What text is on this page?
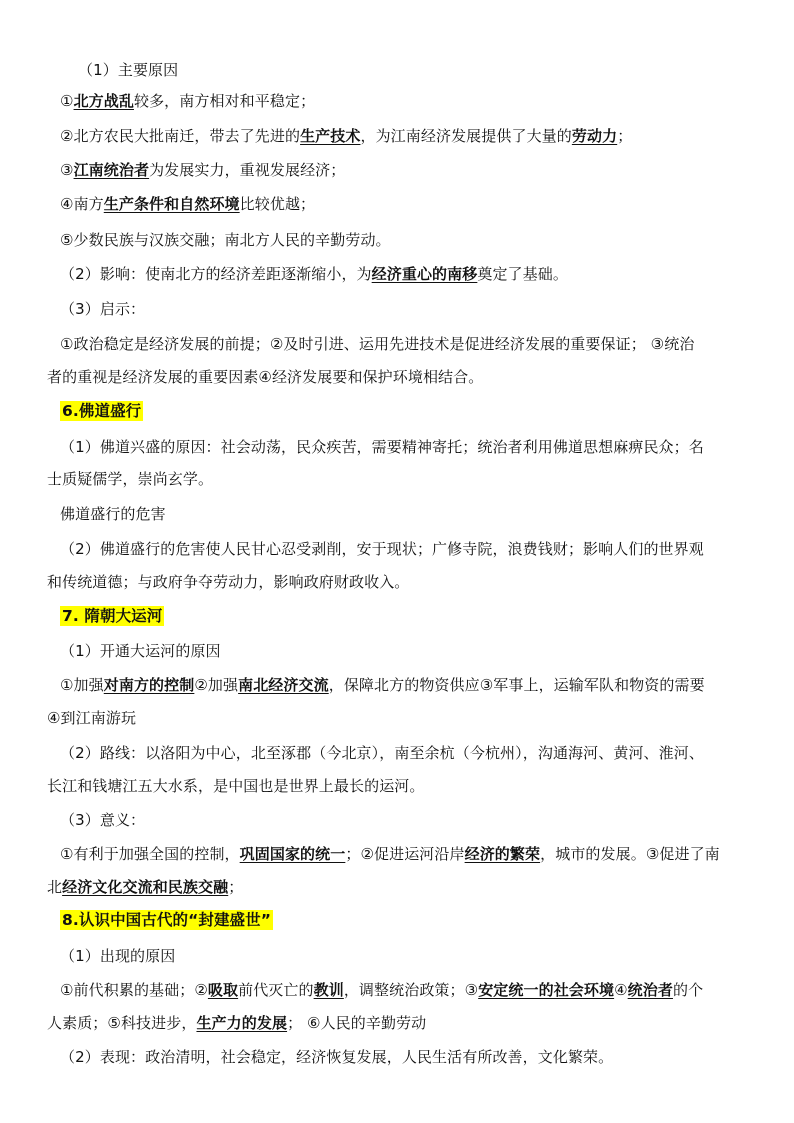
（1）主要原因
①北方战乱较多，南方相对和平稳定；
②北方农民大批南迁，带去了先进的生产技术，为江南经济发展提供了大量的劳动力；
③江南统治者为发展实力，重视发展经济；
④南方生产条件和自然环境比较优越；
⑤少数民族与汉族交融；南北方人民的辛勤劳动。
（2）影响：使南北方的经济差距逐渐缩小，为经济重心的南移奠定了基础。
（3）启示：
①政治稳定是经济发展的前提；②及时引进、运用先进技术是促进经济发展的重要保证； ③统治
者的重视是经济发展的重要因素④经济发展要和保护环境相结合。
6.佛道盛行
（1）佛道兴盛的原因：社会动荡，民众疾苦，需要精神寄托；统治者利用佛道思想麻痹民众；名
士质疑儒学，崇尚玄学。
佛道盛行的危害
（2）佛道盛行的危害使人民甘心忍受剥削，安于现状；广修寺院，浪费钱财；影响人们的世界观
和传统道德；与政府争夺劳动力，影响政府财政收入。
7. 隋朝大运河
（1）开通大运河的原因
①加强对南方的控制②加强南北经济交流，保障北方的物资供应③军事上，运输军队和物资的需要
④到江南游玩
（2）路线：以洛阳为中心，北至涿郡（今北京），南至余杭（今杭州），沟通海河、黄河、淮河、
长江和钱塘江五大水系，是中国也是世界上最长的运河。
（3）意义：
①有利于加强全国的控制，巩固国家的统一；②促进运河沿岸经济的繁荣，城市的发展。③促进了南
北经济文化交流和民族交融；
8.认识中国古代的“封建盛世”
（1）出现的原因
①前代积累的基础；②吸取前代灭亡的教训，调整统治政策；③安定统一的社会环境④统治者的个
人素质；⑤科技进步，生产力的发展； ⑥人民的辛勤劳动
（2）表现：政治清明，社会稳定，经济恢复发展，人民生活有所改善，文化繁荣。
